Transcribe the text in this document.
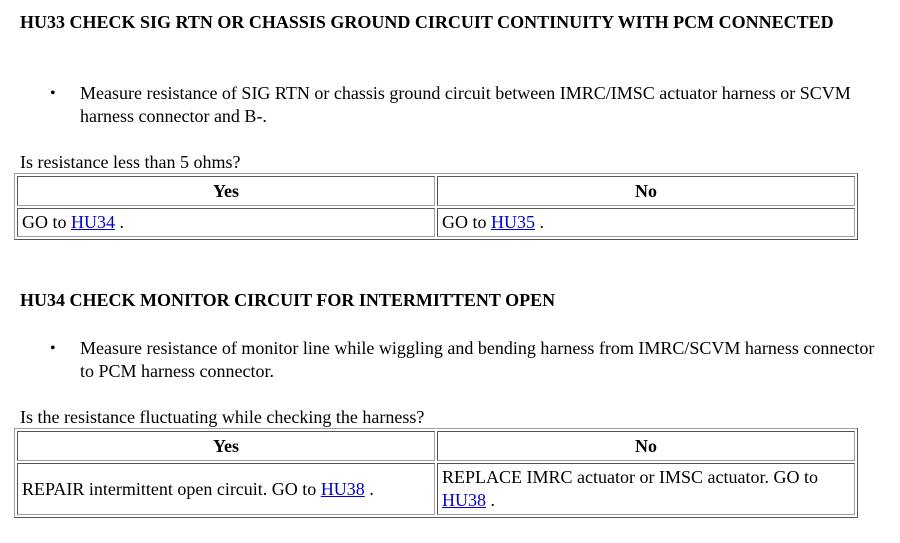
HU33 CHECK SIG RTN OR CHASSIS GROUND CIRCUIT CONTINUITY WITH PCM CONNECTED
• Measure resistance of SIG RTN or chassis ground circuit between IMRC/IMSC actuator harness or SCVM harness connector and B-.
Is resistance less than 5 ohms?
Yes	No
GO to HU34 .	GO to HU35 .
HU34 CHECK MONITOR CIRCUIT FOR INTERMITTENT OPEN
• Measure resistance of monitor line while wiggling and bending harness from IMRC/SCVM harness connector to PCM harness connector.
Is the resistance fluctuating while checking the harness?
Yes	No
REPAIR intermittent open circuit. GO to HU38 .	REPLACE IMRC actuator or IMSC actuator. GO to HU38 .
